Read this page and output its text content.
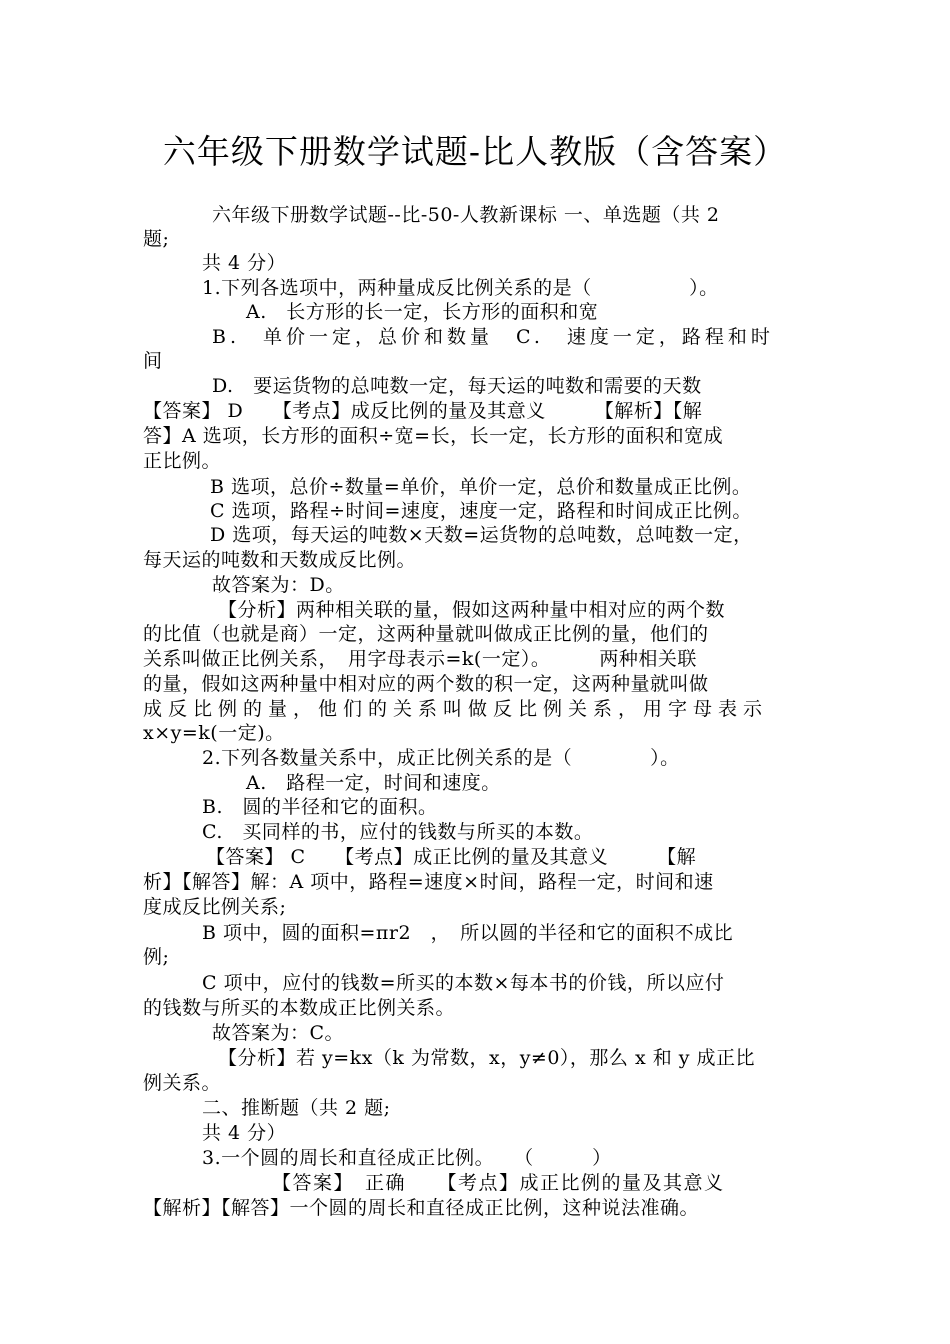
六年级下册数学试题-比人教版（含答案）
六年级下册数学试题--比-50-人教新课标 一、单选题（共 2
题;
共 4 分）
1.下列各选项中，两种量成反比例关系的是（　　　　　）。
A.　长方形的长一定，长方形的面积和宽
B.　单价一定，总价和数量　C.　速度一定，路程和时
间
D.　要运货物的总吨数一定，每天运的吨数和需要的天数
【答案】 D　　【考点】成反比例的量及其意义　　　【解析】【解
答】A 选项，长方形的面积÷宽=长，长一定，长方形的面积和宽成
正比例。
B 选项，总价÷数量=单价，单价一定，总价和数量成正比例。
C 选项，路程÷时间=速度，速度一定，路程和时间成正比例。
D 选项，每天运的吨数×天数=运货物的总吨数，总吨数一定，
每天运的吨数和天数成反比例。
故答案为：D。
【分析】两种相关联的量，假如这两种量中相对应的两个数
的比值（也就是商）一定，这两种量就叫做成正比例的量，他们的
关系叫做正比例关系，　用字母表示=k(一定）。　　　两种相关联
的量，假如这两种量中相对应的两个数的积一定，这两种量就叫做
成反比例的量，他们的关系叫做反比例关系，用字母表示
x×y=k(一定)。
2.下列各数量关系中，成正比例关系的是（　　　　）。
A.　路程一定，时间和速度。
B.　圆的半径和它的面积。
C.　买同样的书，应付的钱数与所买的本数。
【答案】 C　　【考点】成正比例的量及其意义　　　【解
析】【解答】解：A 项中，路程=速度×时间，路程一定，时间和速
度成反比例关系;
B 项中，圆的面积=πr2　，　所以圆的半径和它的面积不成比
例;
C 项中，应付的钱数=所买的本数×每本书的价钱，所以应付
的钱数与所买的本数成正比例关系。
故答案为：C。
【分析】若 y=kx（k 为常数，x，y≠0），那么 x 和 y 成正比
例关系。
二、推断题（共 2 题;
共 4 分）
3.一个圆的周长和直径成正比例。　　（　　　）
【答案】　正确　　【考点】成正比例的量及其意义
【解析】【解答】一个圆的周长和直径成正比例，这种说法准确。
